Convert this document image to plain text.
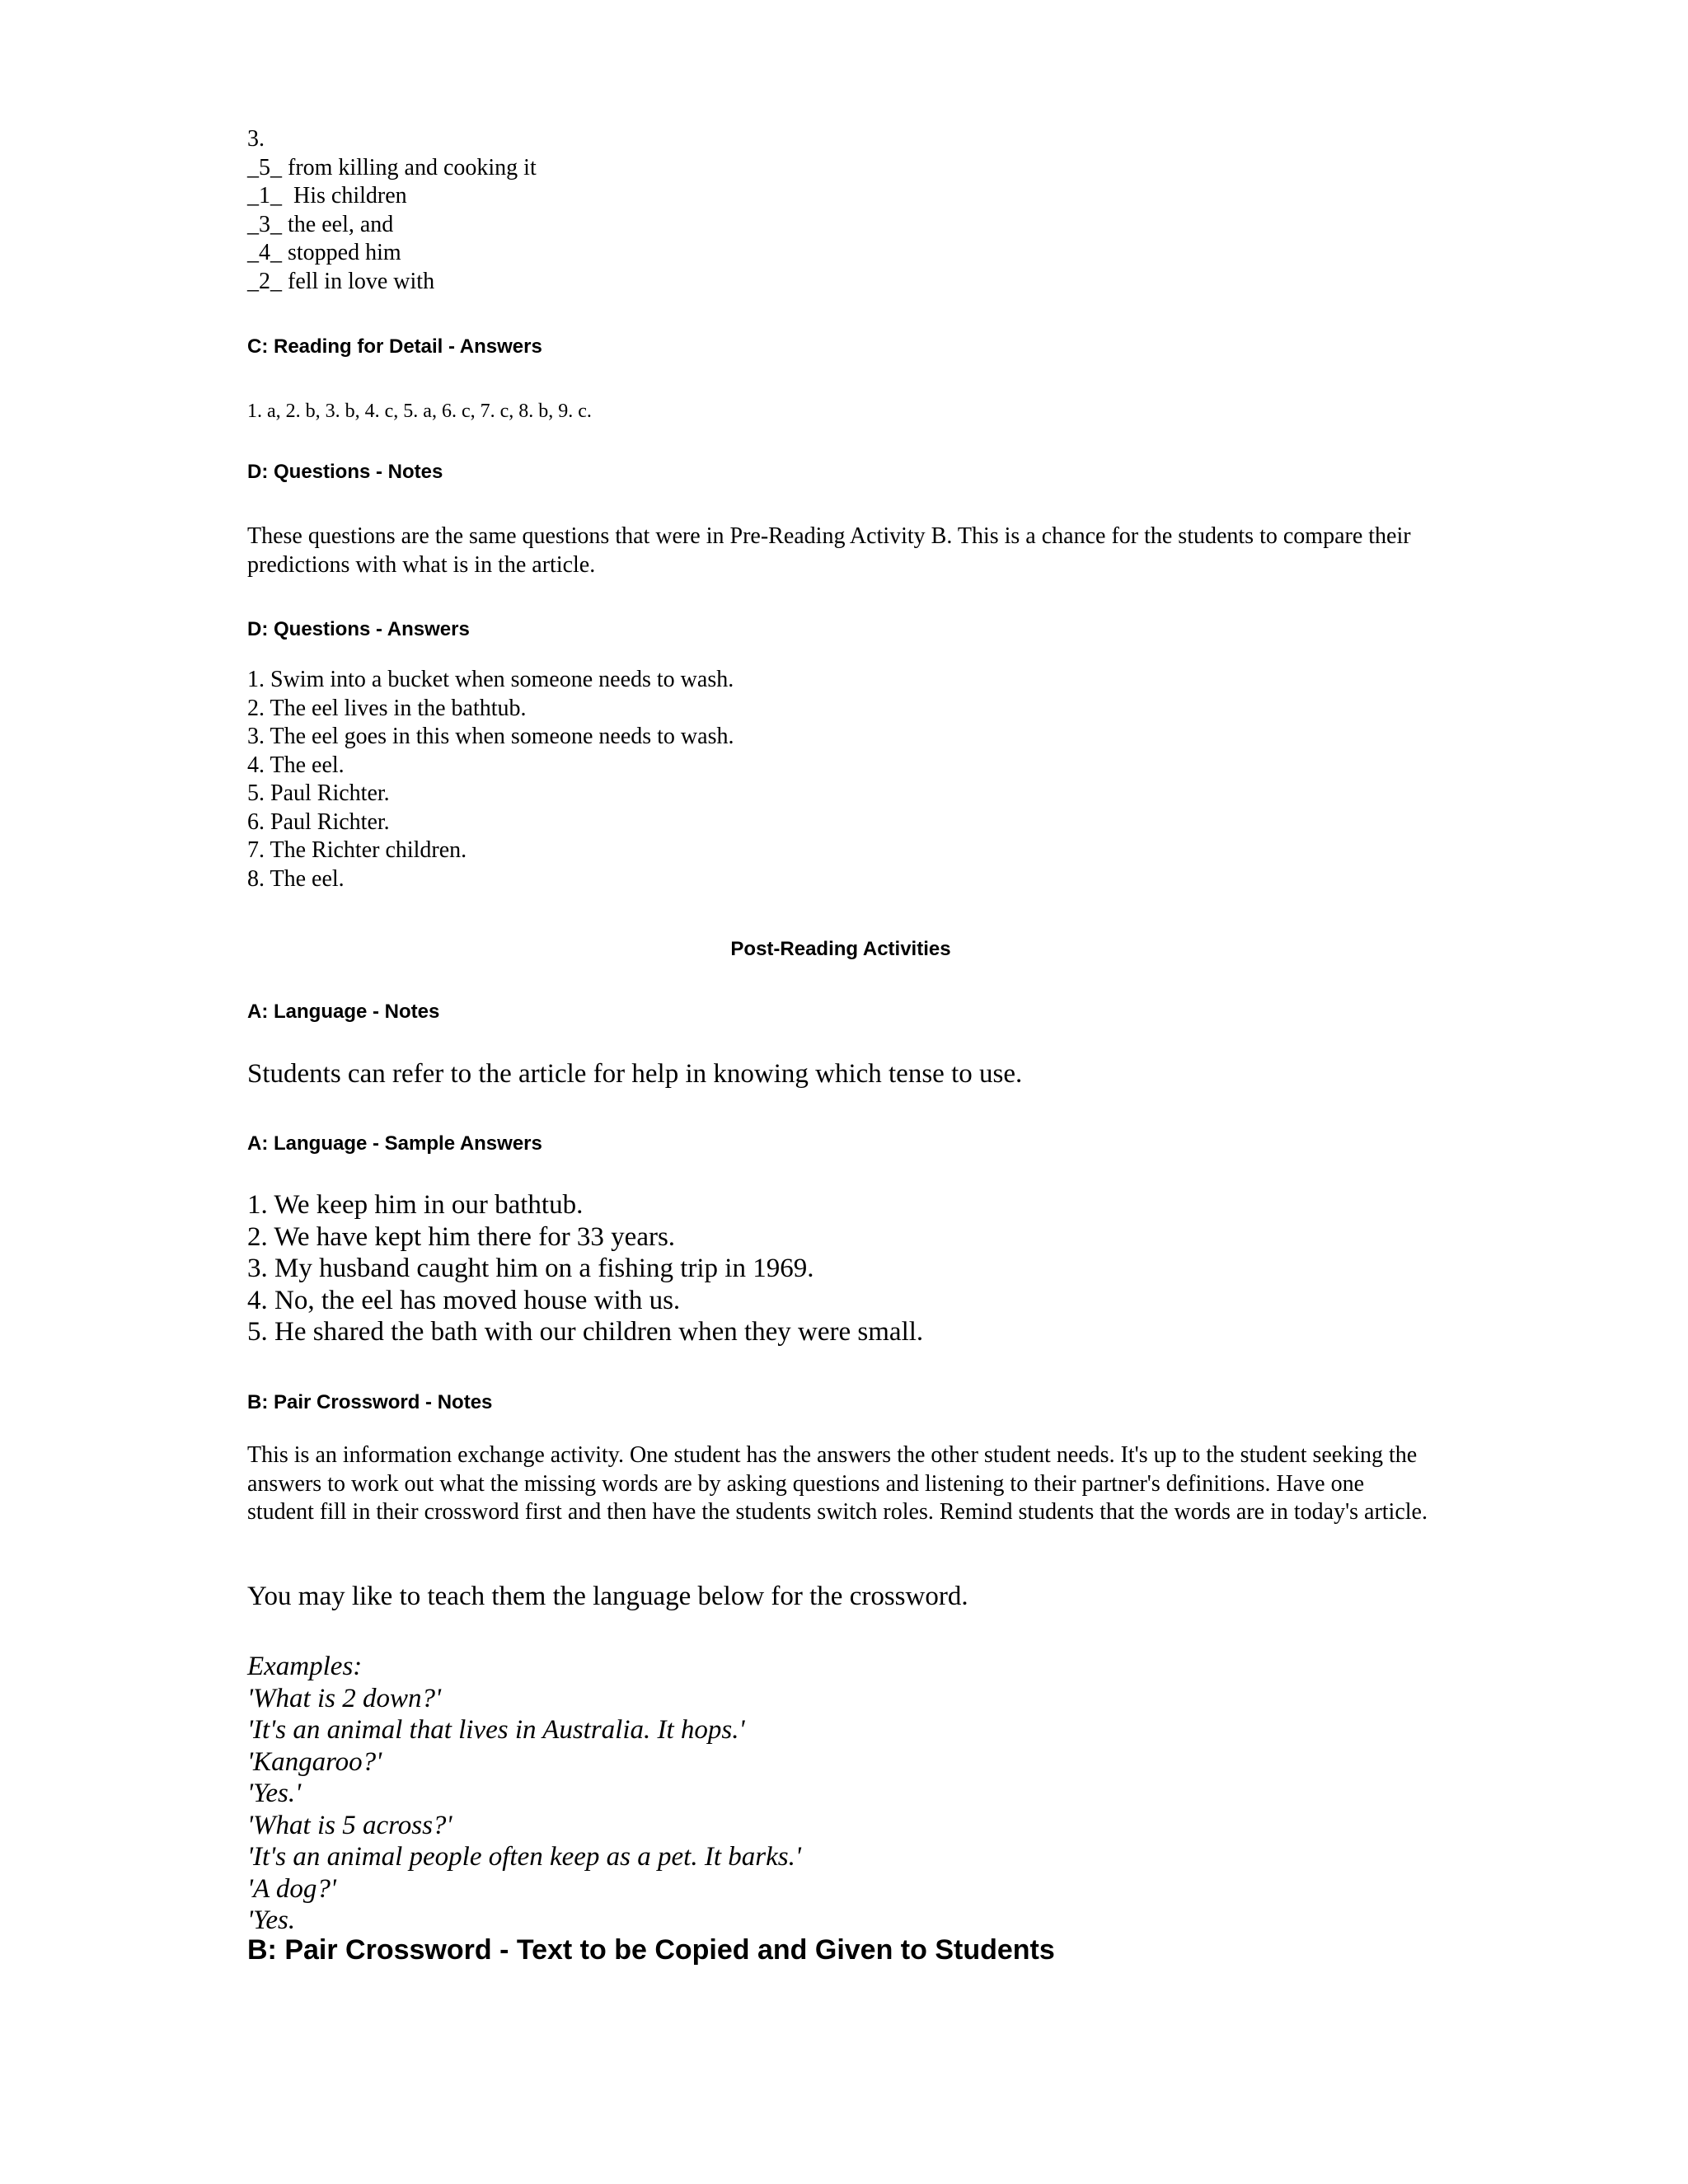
3.
_5_ from killing and cooking it
_1_  His children
_3_ the eel, and
_4_ stopped him
_2_ fell in love with
C: Reading for Detail - Answers
1. a, 2. b, 3. b, 4. c, 5. a, 6. c, 7. c, 8. b, 9. c.
D: Questions - Notes
These questions are the same questions that were in Pre-Reading Activity B. This is a chance for the students to compare their predictions with what is in the article.
D: Questions - Answers
1. Swim into a bucket when someone needs to wash.
2. The eel lives in the bathtub.
3. The eel goes in this when someone needs to wash.
4. The eel.
5. Paul Richter.
6. Paul Richter.
7. The Richter children.
8. The eel.
Post-Reading Activities
A: Language - Notes
Students can refer to the article for help in knowing which tense to use.
A: Language - Sample Answers
1. We keep him in our bathtub.
2. We have kept him there for 33 years.
3. My husband caught him on a fishing trip in 1969.
4. No, the eel has moved house with us.
5. He shared the bath with our children when they were small.
B: Pair Crossword - Notes
This is an information exchange activity. One student has the answers the other student needs. It's up to the student seeking the answers to work out what the missing words are by asking questions and listening to their partner's definitions. Have one student fill in their crossword first and then have the students switch roles. Remind students that the words are in today's article.
You may like to teach them the language below for the crossword.
Examples:
'What is 2 down?'
'It's an animal that lives in Australia. It hops.'
'Kangaroo?'
'Yes.'
'What is 5 across?'
'It's an animal people often keep as a pet. It barks.'
'A dog?'
'Yes.
B: Pair Crossword - Text to be Copied and Given to Students
